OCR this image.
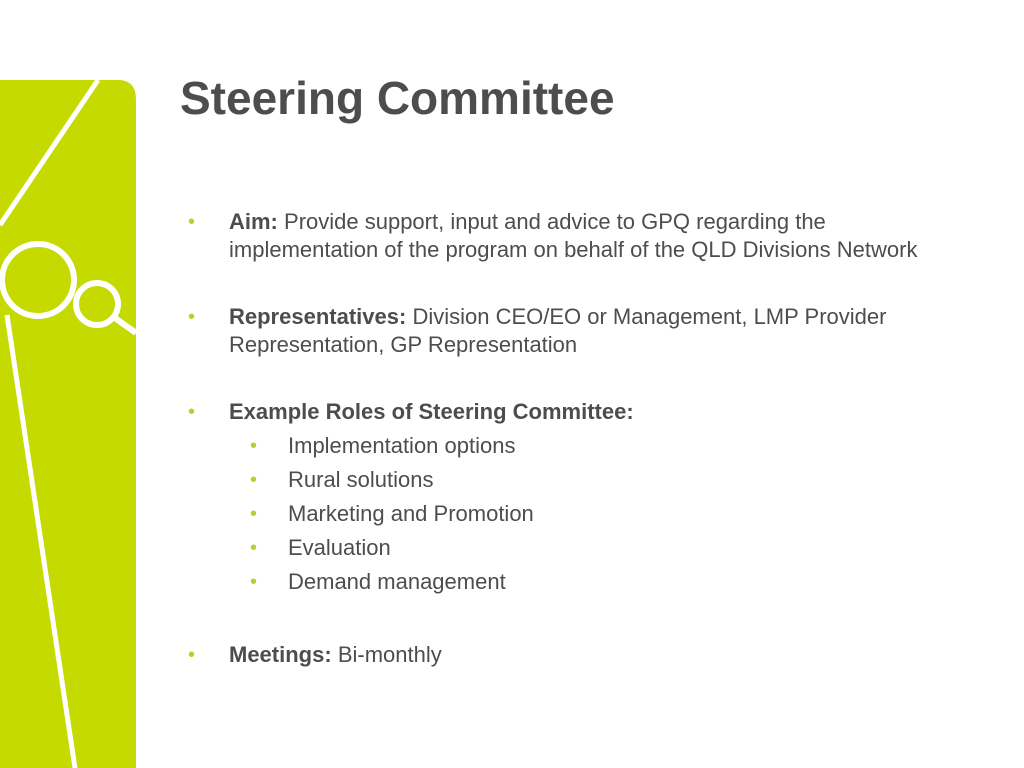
Steering Committee
• Aim: Provide support, input and advice to GPQ regarding the implementation of the program on behalf of the QLD Divisions Network
• Representatives: Division CEO/EO or Management, LMP Provider Representation, GP Representation
• Example Roles of Steering Committee:
• Implementation options
• Rural solutions
• Marketing and Promotion
• Evaluation
• Demand management
• Meetings: Bi-monthly
